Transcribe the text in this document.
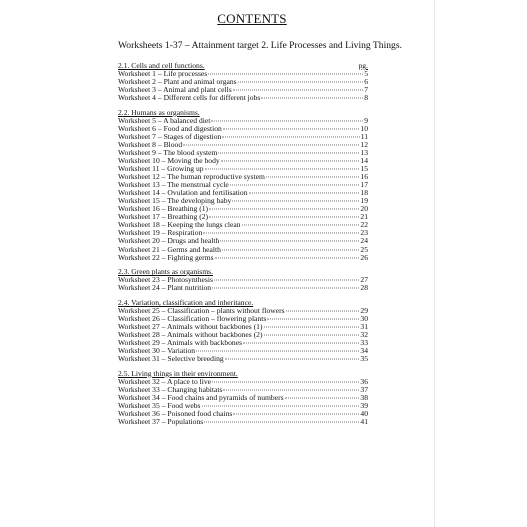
CONTENTS
Worksheets 1-37 – Attainment target 2. Life Processes and Living Things.
2.1. Cells and cell functions.	pg.
Worksheet 1 – Life processes	5
Worksheet 2 – Plant and animal organs	6
Worksheet 3 – Animal and plant cells	7
Worksheet 4 – Different cells for different jobs	8
2.2. Humans as organisms.
Worksheet 5 – A balanced diet	9
Worksheet 6 – Food and digestion	10
Worksheet 7 – Stages of digestion	11
Worksheet 8 – Blood	12
Worksheet 9 – The blood system	13
Worksheet 10 – Moving the body	14
Worksheet 11 – Growing up	15
Worksheet 12 – The human reproductive system	16
Worksheet 13 – The menstrual cycle	17
Worksheet 14 – Ovulation and fertilisation	18
Worksheet 15 – The developing baby	19
Worksheet 16 – Breathing (1)	20
Worksheet 17 – Breathing (2)	21
Worksheet 18 – Keeping the lungs clean	22
Worksheet 19 – Respiration	23
Worksheet 20 – Drugs and health	24
Worksheet 21 – Germs and health	25
Worksheet 22 – Fighting germs	26
2.3. Green plants as organisms.
Worksheet 23 – Photosynthesis	27
Worksheet 24 – Plant nutrition	28
2.4. Variation, classification and inheritance.
Worksheet 25 – Classification – plants without flowers	29
Worksheet 26 – Classification – flowering plants	30
Worksheet 27 – Animals without backbones (1)	31
Worksheet 28 – Animals without backbones (2)	32
Worksheet 29 – Animals with backbones	33
Worksheet 30 – Variation	34
Worksheet 31 – Selective breeding	35
2.5. Living things in their environment.
Worksheet 32 – A place to live	36
Worksheet 33 – Changing habitats	37
Worksheet 34 – Food chains and pyramids of numbers	38
Worksheet 35 – Food webs	39
Worksheet 36 – Poisoned food chains	40
Worksheet 37 – Populations	41
